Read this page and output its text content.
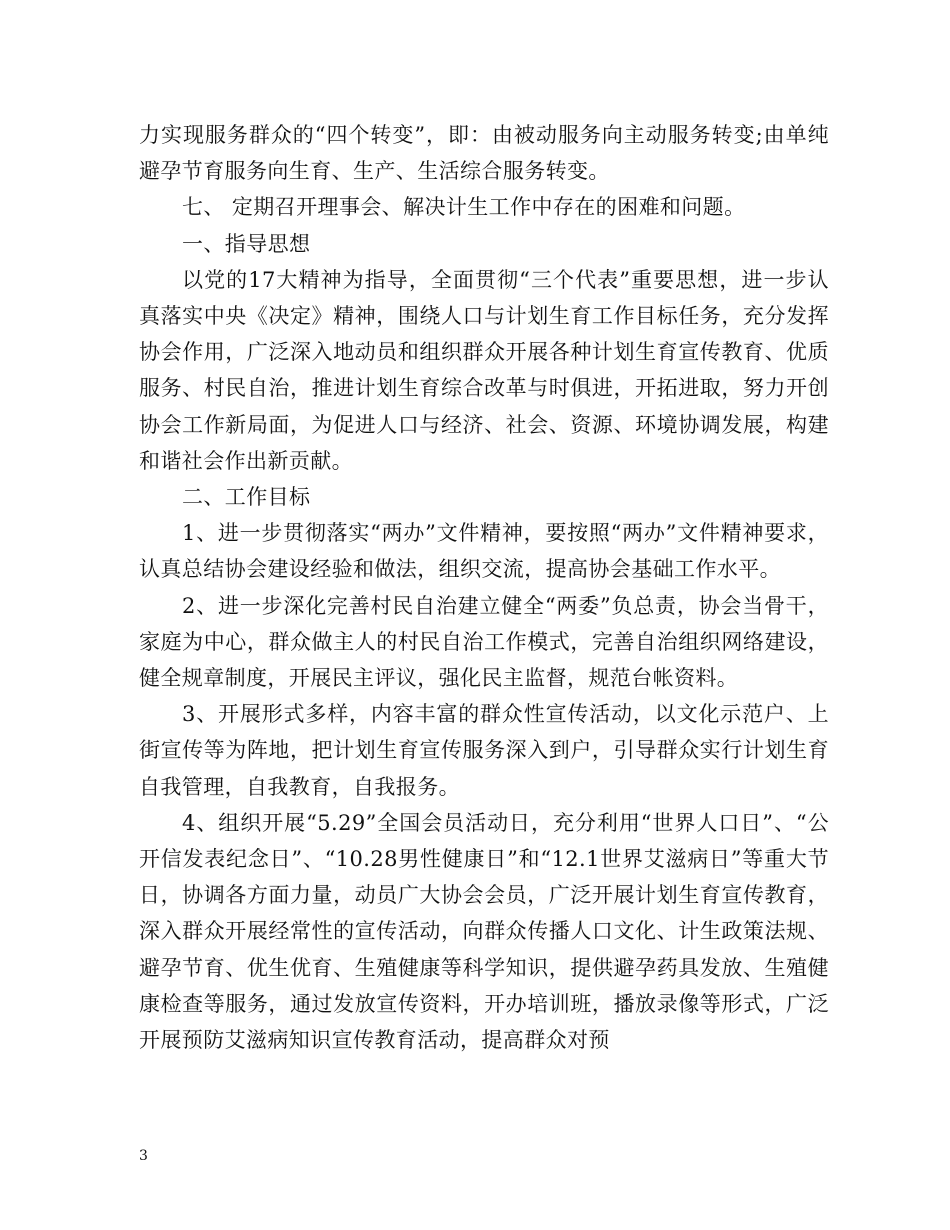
力实现服务群众的“四个转变”，即：由被动服务向主动服务转变;由单纯避孕节育服务向生育、生产、生活综合服务转变。

七、 定期召开理事会、解决计生工作中存在的困难和问题。

一、指导思想

以党的17大精神为指导，全面贯彻“三个代表”重要思想，进一步认真落实中央《决定》精神，围绕人口与计划生育工作目标任务，充分发挥协会作用，广泛深入地动员和组织群众开展各种计划生育宣传教育、优质服务、村民自治，推进计划生育综合改革与时俱进，开拓进取，努力开创协会工作新局面，为促进人口与经济、社会、资源、环境协调发展，构建和谐社会作出新贡献。

二、工作目标

1、进一步贯彻落实“两办”文件精神，要按照“两办”文件精神要求，认真总结协会建设经验和做法，组织交流，提高协会基础工作水平。

2、进一步深化完善村民自治建立健全“两委”负总责，协会当骨干，家庭为中心，群众做主人的村民自治工作模式，完善自治组织网络建设，健全规章制度，开展民主评议，强化民主监督，规范台帐资料。

3、开展形式多样，内容丰富的群众性宣传活动，以文化示范户、上街宣传等为阵地，把计划生育宣传服务深入到户，引导群众实行计划生育自我管理，自我教育，自我报务。

4、组织开展“5.29”全国会员活动日，充分利用“世界人口日”、“公开信发表纪念日”、“10.28男性健康日”和“12.1世界艾滋病日”等重大节日，协调各方面力量，动员广大协会会员，广泛开展计划生育宣传教育，深入群众开展经常性的宣传活动，向群众传播人口文化、计生政策法规、避孕节育、优生优育、生殖健康等科学知识，提供避孕药具发放、生殖健康检查等服务，通过发放宣传资料，开办培训班，播放录像等形式，广泛开展预防艾滋病知识宣传教育活动，提高群众对预

3
